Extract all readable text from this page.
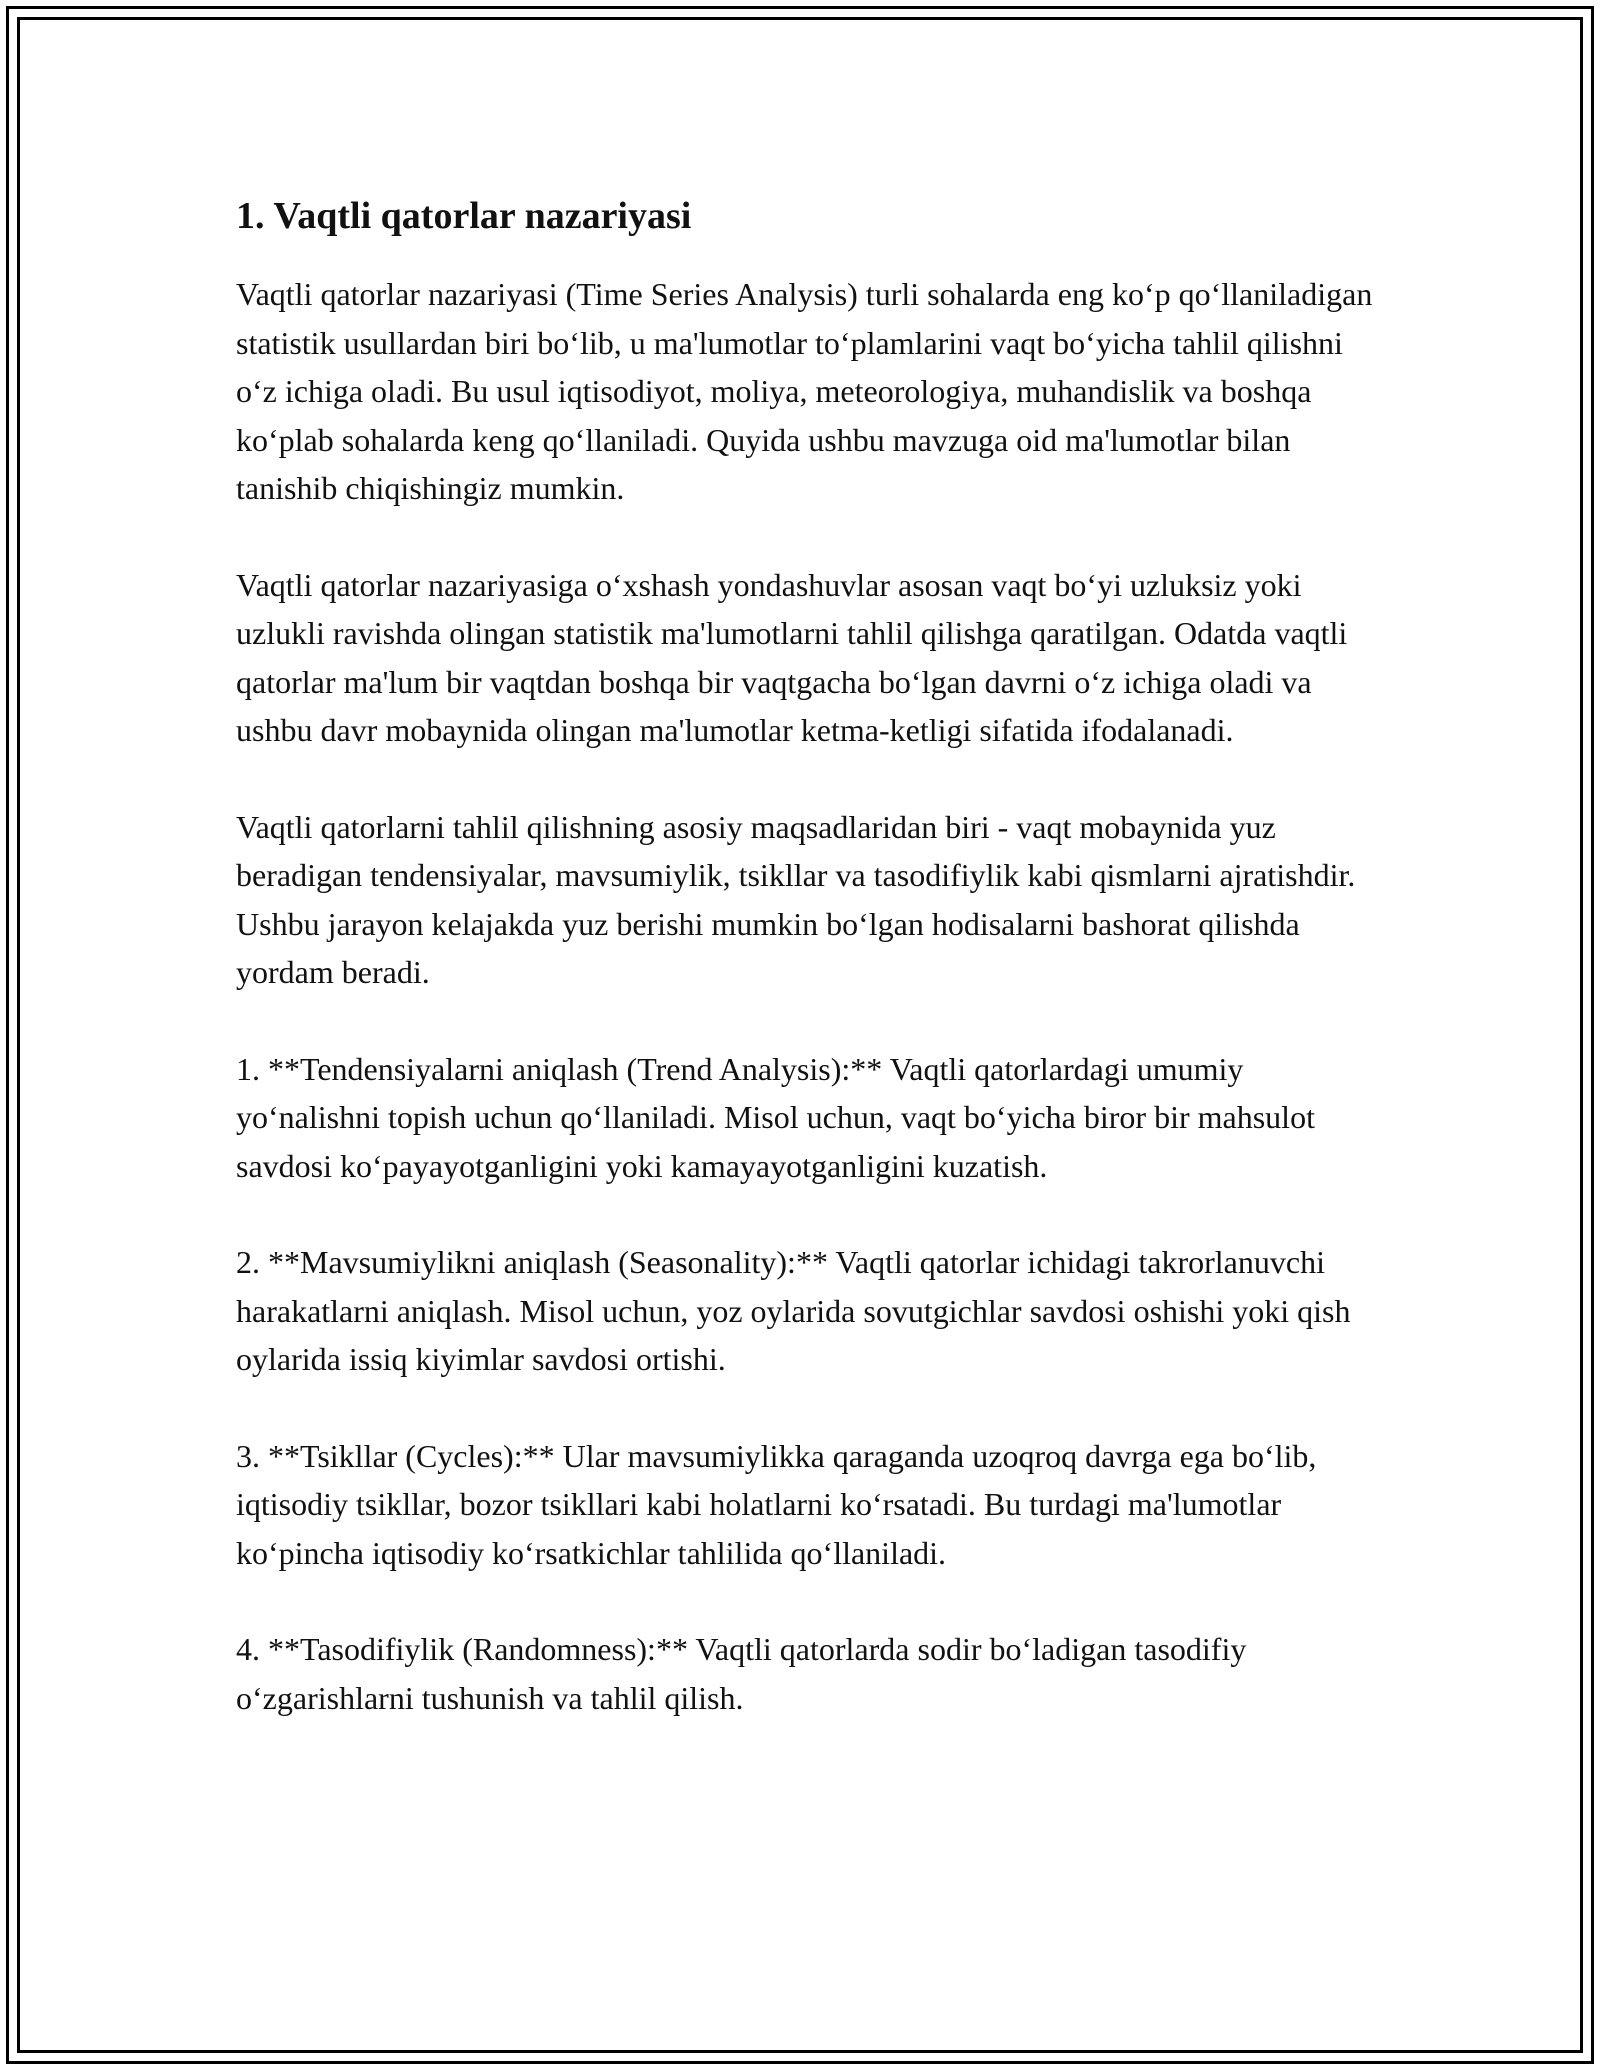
1. Vaqtli qatorlar nazariyasi

Vaqtli qatorlar nazariyasi (Time Series Analysis) turli sohalarda eng ko‘p qo‘llaniladigan statistik usullardan biri bo‘lib, u ma'lumotlar to‘plamlarini vaqt bo‘yicha tahlil qilishni o‘z ichiga oladi. Bu usul iqtisodiyot, moliya, meteorologiya, muhandislik va boshqa ko‘plab sohalarda keng qo‘llaniladi. Quyida ushbu mavzuga oid ma'lumotlar bilan tanishib chiqishingiz mumkin.

Vaqtli qatorlar nazariyasiga o‘xshash yondashuvlar asosan vaqt bo‘yi uzluksiz yoki uzlukli ravishda olingan statistik ma'lumotlarni tahlil qilishga qaratilgan. Odatda vaqtli qatorlar ma'lum bir vaqtdan boshqa bir vaqtgacha bo‘lgan davrni o‘z ichiga oladi va ushbu davr mobaynida olingan ma'lumotlar ketma-ketligi sifatida ifodalanadi.

Vaqtli qatorlarni tahlil qilishning asosiy maqsadlaridan biri - vaqt mobaynida yuz beradigan tendensiyalar, mavsumiylik, tsikllar va tasodifiylik kabi qismlarni ajratishdir. Ushbu jarayon kelajakda yuz berishi mumkin bo‘lgan hodisalarni bashorat qilishda yordam beradi.

1. **Tendensiyalarni aniqlash (Trend Analysis):** Vaqtli qatorlardagi umumiy yo‘nalishni topish uchun qo‘llaniladi. Misol uchun, vaqt bo‘yicha biror bir mahsulot savdosi ko‘payayotganligini yoki kamayayotganligini kuzatish.

2. **Mavsumiylikni aniqlash (Seasonality):** Vaqtli qatorlar ichidagi takrorlanuvchi harakatlarni aniqlash. Misol uchun, yoz oylarida sovutgichlar savdosi oshishi yoki qish oylarida issiq kiyimlar savdosi ortishi.

3. **Tsikllar (Cycles):** Ular mavsumiylikka qaraganda uzoqroq davrga ega bo‘lib, iqtisodiy tsikllar, bozor tsikllari kabi holatlarni ko‘rsatadi. Bu turdagi ma'lumotlar ko‘pincha iqtisodiy ko‘rsatkichlar tahlilida qo‘llaniladi.

4. **Tasodifiylik (Randomness):** Vaqtli qatorlarda sodir bo‘ladigan tasodifiy o‘zgarishlarni tushunish va tahlil qilish.
